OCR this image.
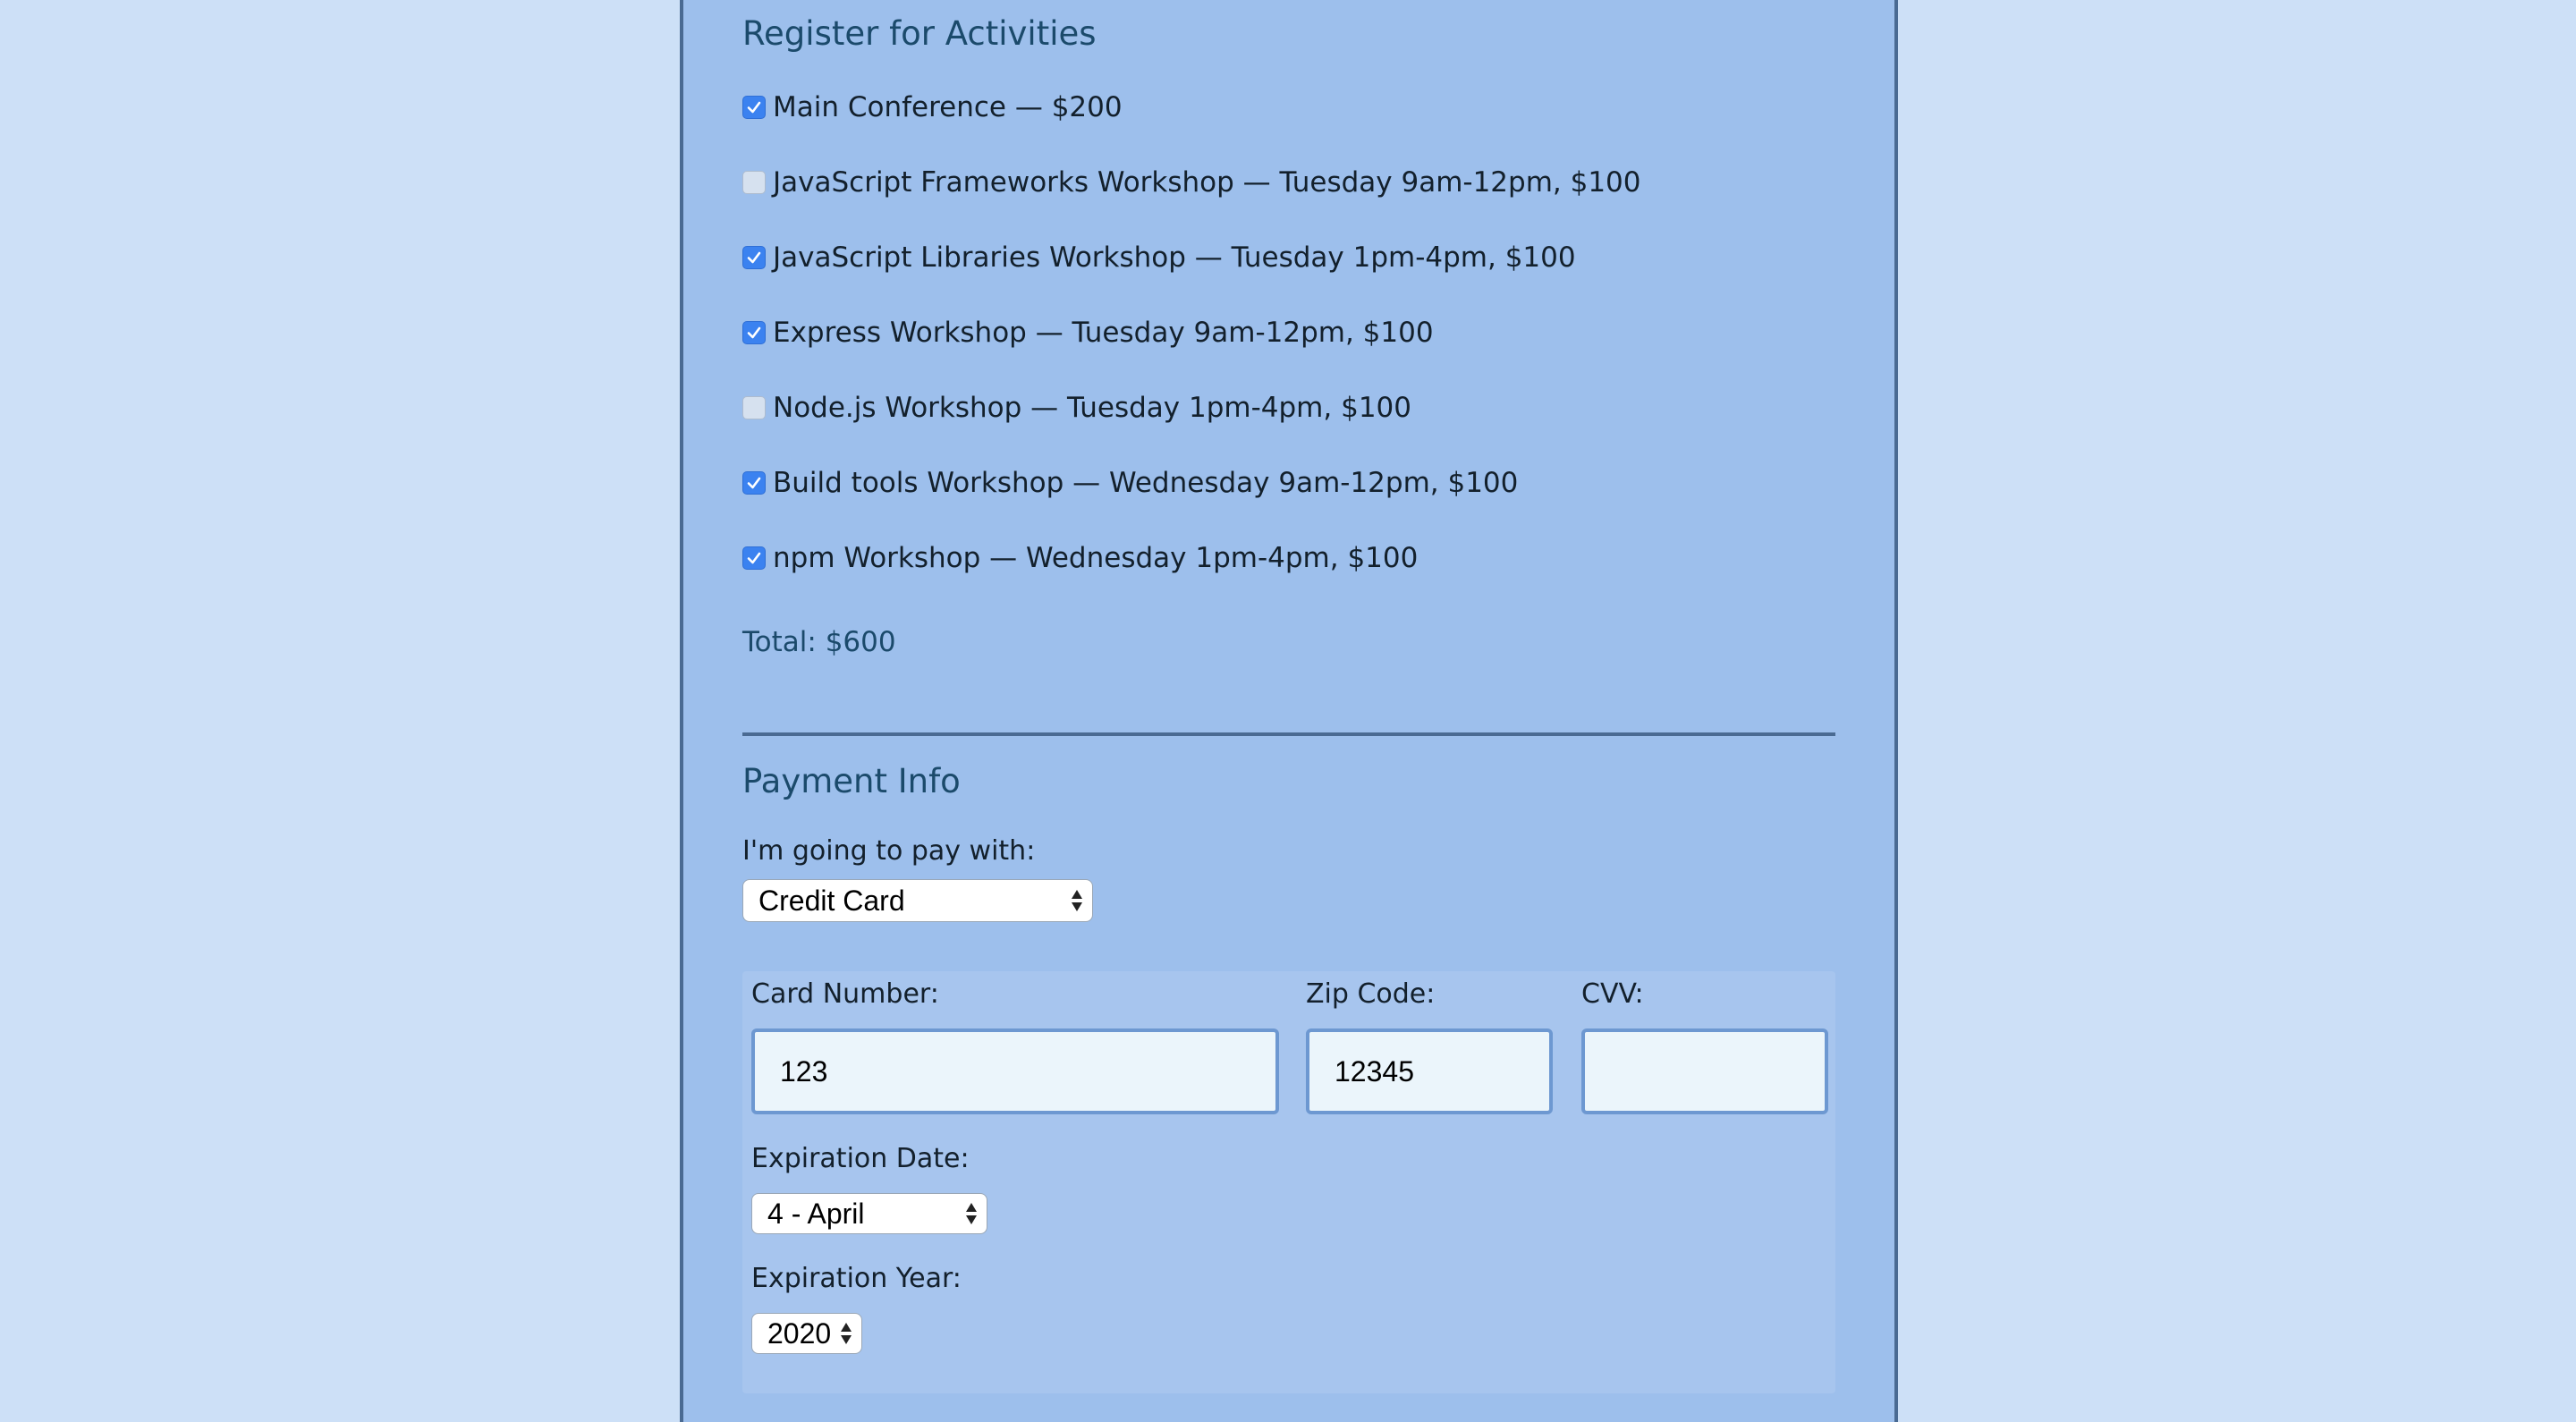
Register for Activities
Main Conference — $200
JavaScript Frameworks Workshop — Tuesday 9am-12pm, $100
JavaScript Libraries Workshop — Tuesday 1pm-4pm, $100
Express Workshop — Tuesday 9am-12pm, $100
Node.js Workshop — Tuesday 1pm-4pm, $100
Build tools Workshop — Wednesday 9am-12pm, $100
npm Workshop — Wednesday 1pm-4pm, $100
Total: $600
Payment Info
I'm going to pay with:
Credit Card
Card Number:	Zip Code:	CVV:
123	12345
Expiration Date:
4 - April
Expiration Year:
2020
